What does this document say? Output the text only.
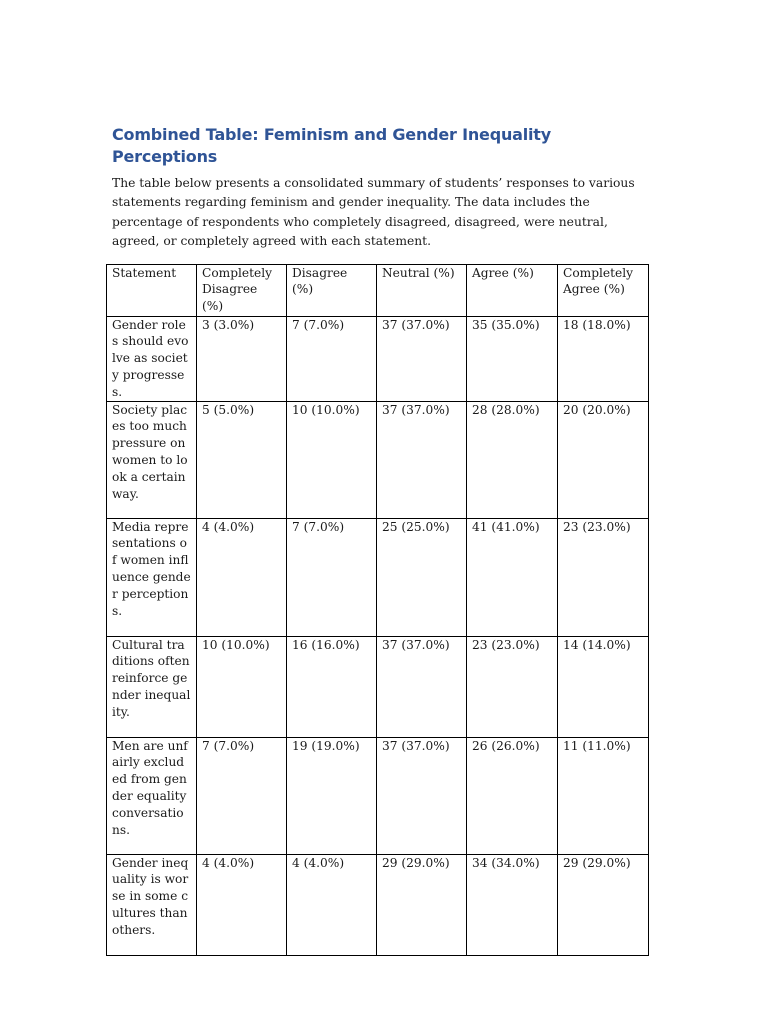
Combined Table: Feminism and Gender Inequality Perceptions

The table below presents a consolidated summary of students’ responses to various statements regarding feminism and gender inequality. The data includes the percentage of respondents who completely disagreed, disagreed, were neutral, agreed, or completely agreed with each statement.

Statement	Completely Disagree (%)	Disagree (%)	Neutral (%)	Agree (%)	Completely Agree (%)
Gender roles should evolve as society progresses.	3 (3.0%)	7 (7.0%)	37 (37.0%)	35 (35.0%)	18 (18.0%)
Society places too much pressure on women to look a certain way.	5 (5.0%)	10 (10.0%)	37 (37.0%)	28 (28.0%)	20 (20.0%)
Media representations of women influence gender perceptions.	4 (4.0%)	7 (7.0%)	25 (25.0%)	41 (41.0%)	23 (23.0%)
Cultural traditions often reinforce gender inequality.	10 (10.0%)	16 (16.0%)	37 (37.0%)	23 (23.0%)	14 (14.0%)
Men are unfairly excluded from gender equality conversations.	7 (7.0%)	19 (19.0%)	37 (37.0%)	26 (26.0%)	11 (11.0%)
Gender inequality is worse in some cultures than others.	4 (4.0%)	4 (4.0%)	29 (29.0%)	34 (34.0%)	29 (29.0%)
